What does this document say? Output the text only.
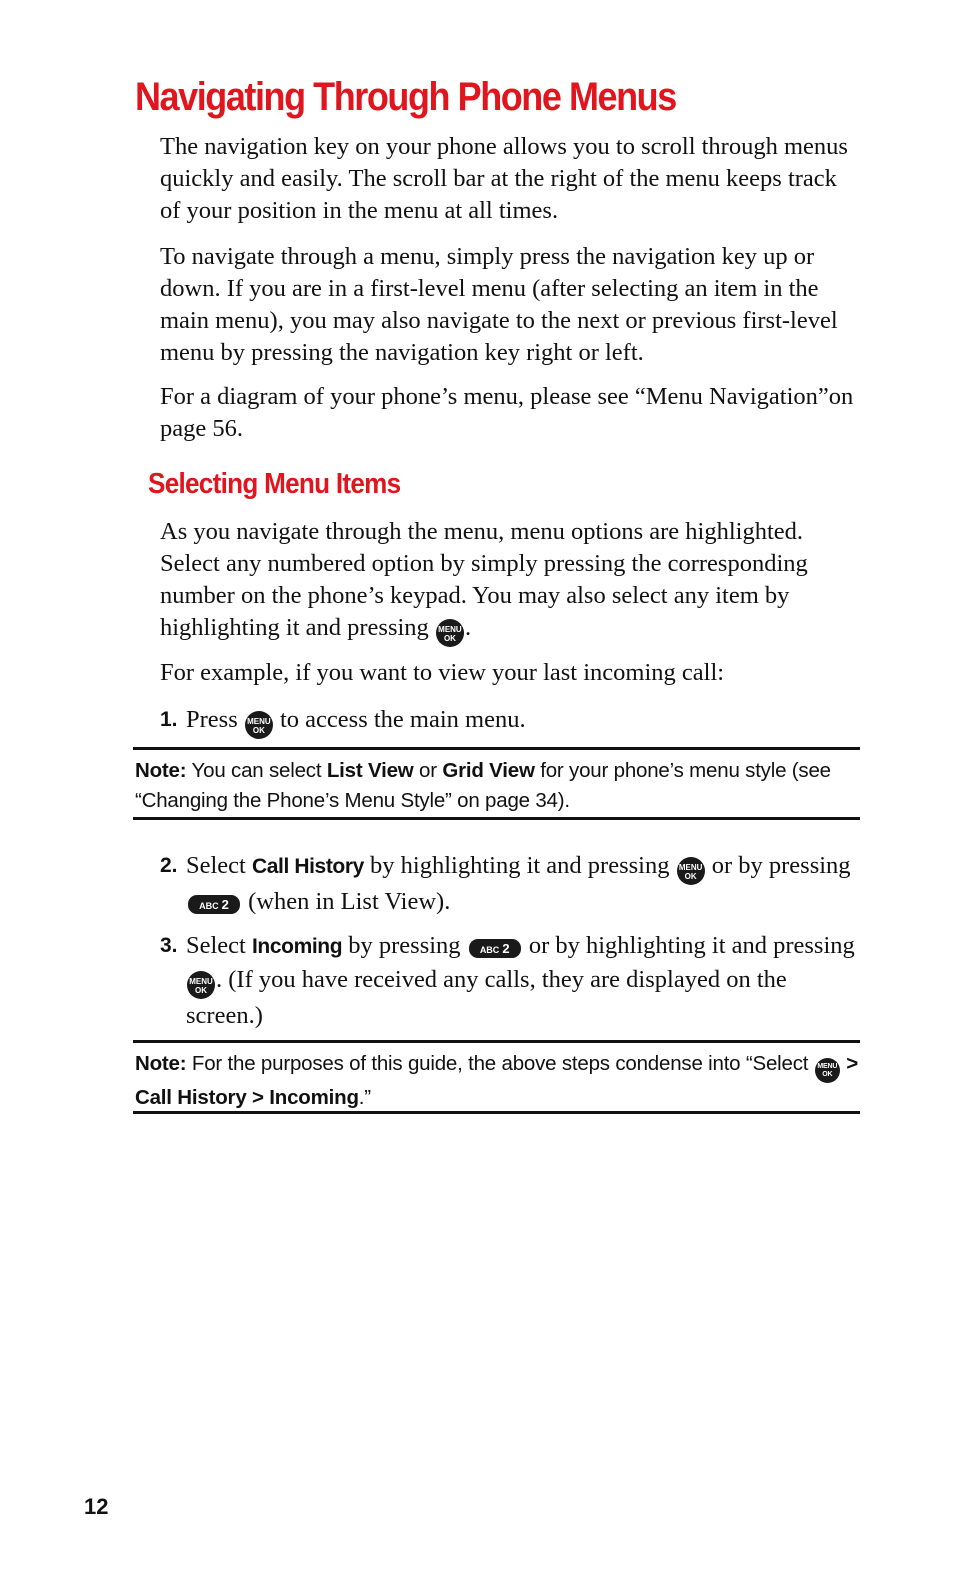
Navigating Through Phone Menus

The navigation key on your phone allows you to scroll through menus quickly and easily. The scroll bar at the right of the menu keeps track of your position in the menu at all times.

To navigate through a menu, simply press the navigation key up or down. If you are in a first-level menu (after selecting an item in the main menu), you may also navigate to the next or previous first-level menu by pressing the navigation key right or left.

For a diagram of your phone’s menu, please see “Menu Navigation”on page 56.

Selecting Menu Items

As you navigate through the menu, menu options are highlighted. Select any numbered option by simply pressing the corresponding number on the phone’s keypad. You may also select any item by highlighting it and pressing MENU
OK .

For example, if you want to view your last incoming call:

1. Press MENU
OK to access the main menu.
Note: You can select List View or Grid View for your phone’s menu style (see “Changing the Phone’s Menu Style” on page 34).
2. Select Call History by highlighting it and pressing MENU
OK or by pressing ABC 2 (when in List View).
3. Select Incoming by pressing ABC 2 or by highlighting it and pressing
MENU
OK . (If you have received any calls, they are displayed on the screen.)
Note: For the purposes of this guide, the above steps condense into “Select	MENU
OK > Call History > Incoming.”
12
